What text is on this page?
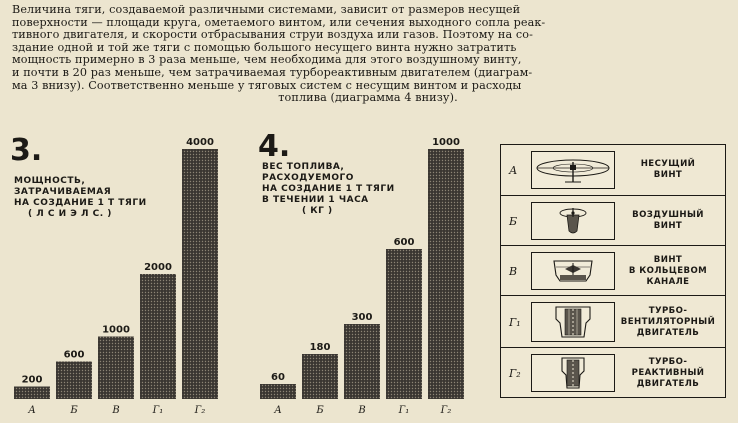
Величина тяги, создаваемой различными системами, зависит от размеров несущей
поверхности — площади круга, ометаемого винтом, или сечения выходного сопла реак-
тивного двигателя, и скорости отбрасывания струи воздуха или газов. Поэтому на со-
здание одной и той же тяги с помощью большого несущего винта нужно затратить
мощность примерно в 3 раза меньше, чем необходима для этого воздушному винту,
и почти в 20 раз меньше, чем затрачиваемая турбореактивным двигателем (диаграм-
ма 3 внизу). Соответственно меньше у тяговых систем с несущим винтом и расходы
топлива (диаграмма 4 внизу).
3.
МОЩНОСТЬ,
ЗАТРАЧИВАЕМАЯ
НА СОЗДАНИЕ 1 Т ТЯГИ
( Л С И Э Л С. )
4.
ВЕС ТОПЛИВА,
РАСХОДУЕМОГО
НА СОЗДАНИЕ 1 Т ТЯГИ
В ТЕЧЕНИИ 1 ЧАСА
( КГ )
200
А
600
Б
1000
В
2000
Г₁
4000
Г₂
60
А
180
Б
300
В
600
Г₁
1000
Г₂
А	НЕСУЩИЙ
ВИНТ
Б	ВОЗДУШНЫЙ
ВИНТ
В
ВИНТ
В КОЛЬЦЕВОМ
КАНАЛЕ
Г₁
ТУРБО-
ВЕНТИЛЯТОРНЫЙ
ДВИГАТЕЛЬ
Г₂
ТУРБО-
РЕАКТИВНЫЙ
ДВИГАТЕЛЬ
